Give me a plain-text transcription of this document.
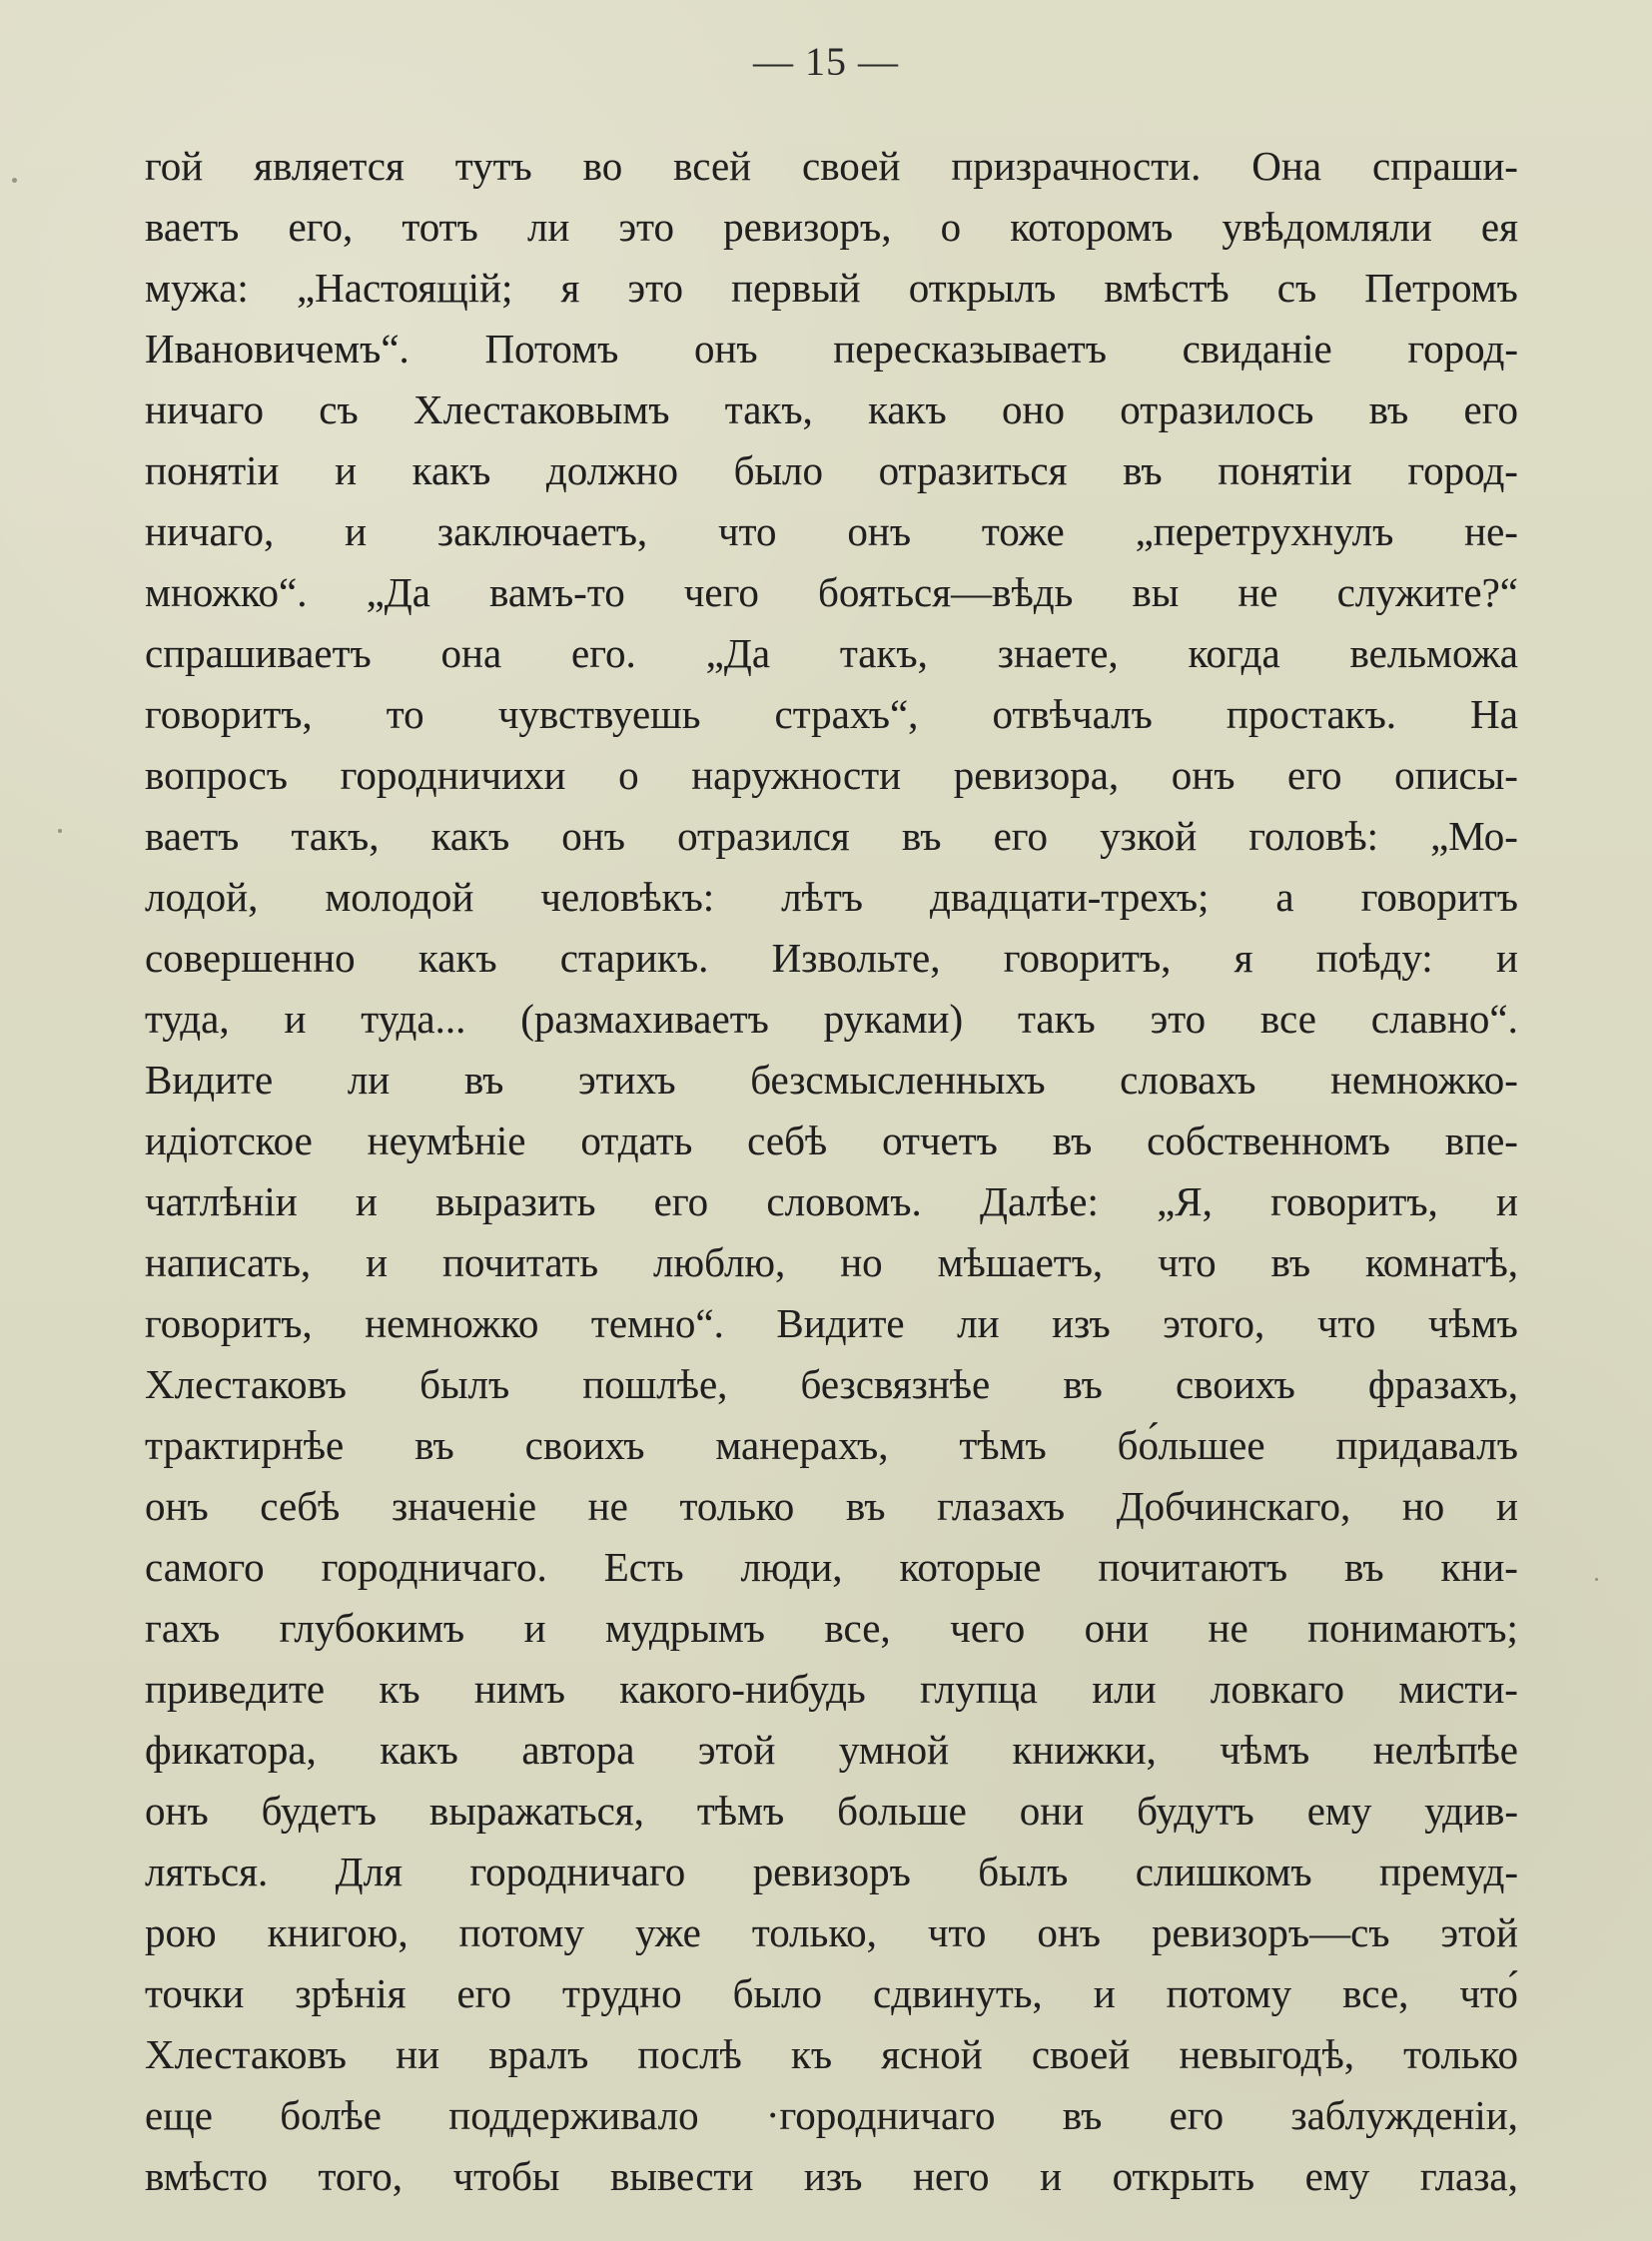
— 15 —
гой является тутъ во всей своей призрачности. Она спраши-
ваетъ его, тотъ ли это ревизоръ, о которомъ увѣдомляли ея
мужа: „Настоящій; я это первый открылъ вмѣстѣ съ Петромъ
Ивановичемъ“. Потомъ онъ пересказываетъ свиданіе город-
ничаго съ Хлестаковымъ такъ, какъ оно отразилось въ его
понятіи и какъ должно было отразиться въ понятіи город-
ничаго, и заключаетъ, что онъ тоже „перетрухнулъ не-
множко“. „Да вамъ-то чего бояться—вѣдь вы не служите?“
спрашиваетъ она его. „Да такъ, знаете, когда вельможа
говоритъ, то чувствуешь страхъ“, отвѣчалъ простакъ. На
вопросъ городничихи о наружности ревизора, онъ его описы-
ваетъ такъ, какъ онъ отразился въ его узкой головѣ: „Мо-
лодой, молодой человѣкъ: лѣтъ двадцати-трехъ; а говоритъ
совершенно какъ старикъ. Извольте, говоритъ, я поѣду: и
туда, и туда... (размахиваетъ руками) такъ это все славно“.
Видите ли въ этихъ безсмысленныхъ словахъ немножко-
идіотское неумѣніе отдать себѣ отчетъ въ собственномъ впе-
чатлѣніи и выразить его словомъ. Далѣе: „Я, говоритъ, и
написать, и почитать люблю, но мѣшаетъ, что въ комнатѣ,
говоритъ, немножко темно“. Видите ли изъ этого, что чѣмъ
Хлестаковъ былъ пошлѣе, безсвязнѣе въ своихъ фразахъ,
трактирнѣе въ своихъ манерахъ, тѣмъ бо́льшее придавалъ
онъ себѣ значеніе не только въ глазахъ Добчинскаго, но и
самого городничаго. Есть люди, которые почитаютъ въ кни-
гахъ глубокимъ и мудрымъ все, чего они не понимаютъ;
приведите къ нимъ какого-нибудь глупца или ловкаго мисти-
фикатора, какъ автора этой умной книжки, чѣмъ нелѣпѣе
онъ будетъ выражаться, тѣмъ больше они будутъ ему удив-
ляться. Для городничаго ревизоръ былъ слишкомъ премуд-
рою книгою, потому уже только, что онъ ревизоръ—съ этой
точки зрѣнія его трудно было сдвинуть, и потому все, что́
Хлестаковъ ни вралъ послѣ къ ясной своей невыгодѣ, только
еще болѣе поддерживало ·городничаго въ его заблужденіи,
вмѣсто того, чтобы вывести изъ него и открыть ему глаза,
